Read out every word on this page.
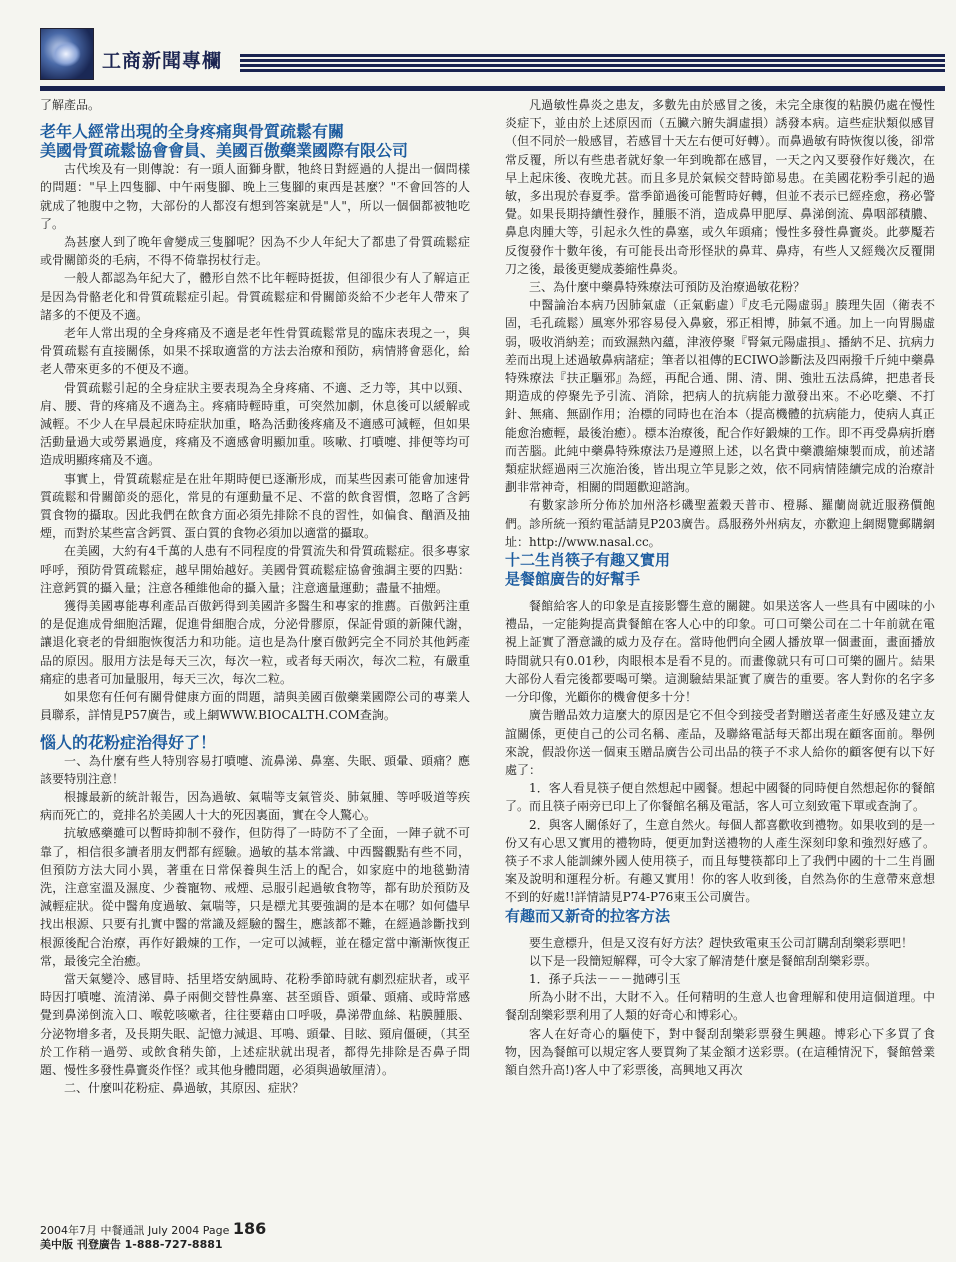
工商新聞專欄

了解產品。

老年人經常出現的全身疼痛與骨質疏鬆有關
美國骨質疏鬆協會會員、美國百傲藥業國際有限公司

古代埃及有一則傳說：有一頭人面獅身獸，牠終日對經過的人提出一個問樣的問題："早上四隻腳、中午兩隻腳、晚上三隻腳的東西是甚麼？"不會回答的人就成了牠腹中之物，大部份的人都沒有想到答案就是"人"，所以一個個都被牠吃了。

為甚麼人到了晚年會變成三隻腳呢？因為不少人年紀大了都患了骨質疏鬆症或骨關節炎的毛病，不得不倚靠拐杖行走。

一般人都認為年紀大了，體形自然不比年輕時挺拔，但卻很少有人了解這正是因為骨骼老化和骨質疏鬆症引起。骨質疏鬆症和骨關節炎給不少老年人帶來了諸多的不便及不適。

老年人常出現的全身疼痛及不適是老年性骨質疏鬆常見的臨床表現之一，與骨質疏鬆有直接關係，如果不採取適當的方法去治療和預防，病情將會惡化，給老人帶來更多的不便及不適。

骨質疏鬆引起的全身症狀主要表現為全身疼痛、不適、乏力等，其中以頸、肩、腰、背的疼痛及不適為主。疼痛時輕時重，可突然加劇，休息後可以緩解或減輕。不少人在早晨起床時症狀加重，略為活動後疼痛及不適感可減輕，但如果活動量過大或勞累過度，疼痛及不適感會明顯加重。咳嗽、打噴嚏、排便等均可造成明顯疼痛及不適。

事實上，骨質疏鬆症是在壯年期時便已逐漸形成，而某些因素可能會加速骨質疏鬆和骨關節炎的惡化，常見的有運動量不足、不當的飲食習慣，忽略了含鈣質食物的攝取。因此我們在飲食方面必須先排除不良的習性，如偏食、酗酒及抽煙，而對於某些富含鈣質、蛋白質的食物必須加以適當的攝取。

在美國，大約有4千萬的人患有不同程度的骨質流失和骨質疏鬆症。很多專家呼呼，預防骨質疏鬆症，越早開始越好。美國骨質疏鬆症協會強調主要的四點：注意鈣質的攝入量；注意各種維他命的攝入量；注意適量運動；盡量不抽煙。

獲得美國專能專利產品百傲鈣得到美國許多醫生和專家的推薦。百傲鈣注重的是促進成骨細胞活躍，促進骨細胞合成，分泌骨膠原，保証骨頭的新陳代謝，讓退化衰老的骨細胞恢復活力和功能。這也是為什麼百傲鈣完全不同於其他鈣產品的原因。服用方法是每天三次，每次一粒，或者每天兩次，每次二粒，有嚴重痛症的患者可加量服用，每天三次，每次二粒。

如果您有任何有關骨健康方面的問題，請與美國百傲藥業國際公司的專業人員聯系，詳情見P57廣告，或上網WWW.BIOCALTH.COM查詢。

惱人的花粉症治得好了！

一、為什麼有些人特別容易打噴嚏、流鼻涕、鼻塞、失眠、頭暈、頭痛？應該要特別注意！

根據最新的統計報告，因為過敏、氣喘等支氣管炎、肺氣腫、等呼吸道等疾病而死亡的，竟排名於美國人十大的死因裏面，實在令人驚心。

抗敏感藥雖可以暫時抑制不發作，但防得了一時防不了全面，一陣子就不可靠了，相信很多讀者朋友們都有經驗。過敏的基本常識、中西醫觀點有些不同，但預防方法大同小異，著重在日常保養與生活上的配合，如家庭中的地毯勤清洗，注意室溫及濕度、少養寵物、戒煙、忌服引起過敏食物等，都有助於預防及減輕症狀。從中醫角度過敏、氣喘等，只是標尤其要強調的是本在哪？如何儘早找出根源、只要有扎實中醫的常識及經驗的醫生，應該都不難，在經過診斷找到根源後配合治療，再作好鍛煉的工作，一定可以減輕，並在穩定當中漸漸恢復正常，最後完全治癒。

當天氣變冷、感冒時、括里塔安納風時、花粉季節時就有劇烈症狀者，或平時因打噴嚏、流清涕、鼻子兩側交替性鼻塞、甚至頭昏、頭暈、頭痛、或時常感覺到鼻涕倒流入口、喉乾咳嗽者，往往要藉由口呼吸，鼻涕帶血絲、粘膜腫脹、分泌物增多者，及長期失眠、記憶力減退、耳鳴、頭暈、目眩、頸肩僵硬，（其至於工作稍一過勞、或飲食稍失節，上述症狀就出現者，都得先排除是否鼻子問題、慢性多發性鼻竇炎作怪？或其他身體問題，必須與過敏厘清）。

二、什麼叫花粉症、鼻過敏，其原因、症狀？

凡過敏性鼻炎之患友，多數先由於感冒之後，未完全康復的粘膜仍處在慢性炎症下，並由於上述原因而（五臟六腑失調虛損）誘發本病。這些症狀類似感冒（但不同於一般感冒，若感冒十天左右便可好轉）。而鼻過敏有時恢復以後，卻常常反覆，所以有些患者就好象一年到晚都在感冒，一天之內又要發作好幾次，在早上起床後、夜晚尤甚。而且多見於氣候交替時節易患。在美國花粉季引起的過敏，多出現於春夏季。當季節過後可能暫時好轉，但並不表示已經痊愈，務必警覺。如果長期持續性發作，腫脹不消，造成鼻甲肥厚、鼻涕倒流、鼻咽部積膿、鼻息肉腫大等，引起永久性的鼻塞，或久年頭痛；慢性多發性鼻竇炎。此夢魘若反復發作十數年後，有可能長出奇形怪狀的鼻茸、鼻痔，有些人又經幾次反覆開刀之後，最後更變成萎縮性鼻炎。

三、為什麼中藥鼻特殊療法可預防及治療過敏花粉？

中醫論治本病乃因肺氣虛（正氣虧虛）『皮毛元陽虛弱』腠理失固（衛表不固，毛孔疏鬆）風寒外邪容易侵入鼻竅，邪正相博，肺氣不通。加上一向胃腸虛弱，吸收消納差；而致濕熱內蘊，津液停聚『腎氣元陽虛損』、播納不足、抗病力差而出現上述過敏鼻病諸症；筆者以祖傳的ECIWO診斷法及四兩撥千斤純中藥鼻特殊療法『扶正驅邪』為經，再配合通、開、清、開、強壯五法爲緯，把患者長期造成的停聚先予引流、消除，把病人的抗病能力激發出來。不必吃藥、不打針、無痛、無副作用；治標的同時也在治本（提高機體的抗病能力，使病人真正能愈治癒輕，最後治癒）。標本治療後，配合作好鍛煉的工作。即不再受鼻病折磨而苦腦。此純中藥鼻特殊療法乃是遵照上述，以名貴中藥濃縮煉製而成，前述諸類症狀經過兩三次施治後，皆出現立竿見影之效，依不同病情陸續完成的治療計劃非常神奇，相關的問題歡迎諮詢。

有數家診所分佈於加州洛杉磯聖蓋穀天普市、橙縣、羅蘭崗就近服務價飽們。診所統一預約電話請見P203廣告。爲服務外州病友，亦歡迎上網閱覽郵購網址：http://www.nasal.cc。

十二生肖筷子有趣又實用
是餐館廣告的好幫手

餐館給客人的印象是直接影響生意的關鍵。如果送客人一些具有中國味的小禮品，一定能夠提高貴餐館在客人心中的印象。可口可樂公司在二十年前就在電視上証實了潛意識的威力及存在。當時他們向全國人播放單一個畫面，畫面播放時間就只有0.01秒，肉眼根本是看不見的。而畫像就只有可口可樂的圖片。結果大部份人看完後都要喝可樂。這測驗結果証實了廣告的重要。客人對你的名字多一分印像，光顧你的機會便多十分！

廣告贈品效力這麼大的原因是它不但令到接受者對贈送者產生好感及建立友誼關係，更使自己的公司名稱、產品，及聯絡電話每天都出現在顧客面前。舉例來說，假設你送一個東玉贈品廣告公司出品的筷子不求人給你的顧客便有以下好處了：

1．客人看見筷子便自然想起中國餐。想起中國餐的同時便自然想起你的餐館了。而且筷子兩旁已印上了你餐館名稱及電話，客人可立刻致電下單或查詢了。

2．與客人關係好了，生意自然火。每個人都喜歡收到禮物。如果收到的是一份又有心思又實用的禮物時，便更加對送禮物的人產生深刻印象和強烈好感了。筷子不求人能訓練外國人使用筷子，而且每雙筷都印上了我們中國的十二生肖圖案及說明和運程分析。有趣又實用！你的客人收到後，自然為你的生意帶來意想不到的好處!!詳情請見P74-P76東玉公司廣告。

有趣而又新奇的拉客方法

要生意標升，但是又沒有好方法？趕快致電東玉公司訂購刮刮樂彩票吧！

以下是一段簡短解釋，可令大家了解清楚什麼是餐館刮刮樂彩票。

1．孫子兵法－－－拋磚引玉

所為小財不出，大財不入。任何精明的生意人也會理解和使用這個道理。中餐刮刮樂彩票利用了人類的好奇心和博彩心。

客人在好奇心的驅使下，對中餐刮刮樂彩票發生興趣。博彩心下多買了食物，因為餐館可以規定客人要買夠了某金額才送彩票。(在這種情況下，餐館營業額自然升高!)客人中了彩票後，高興地又再次

2004年7月 中餐通訊 July 2004 Page 186
美中版 刊登廣告 1-888-727-8881
